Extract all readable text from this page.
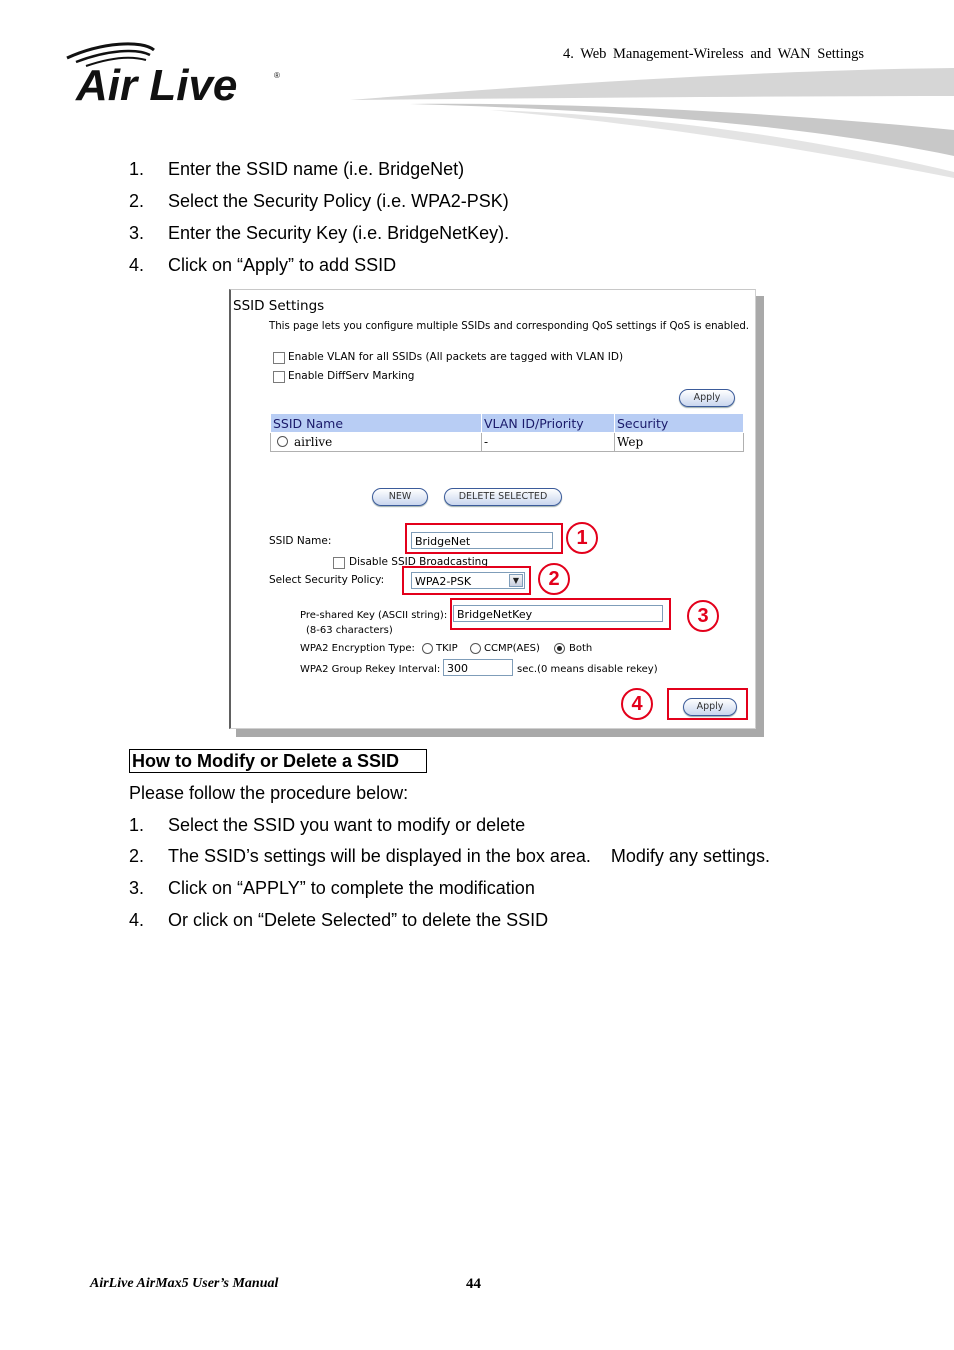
Air Live	®
4. Web Management-Wireless and WAN Settings
1. Enter the SSID name (i.e. BridgeNet)
2. Select the Security Policy (i.e. WPA2-PSK)
3. Enter the Security Key (i.e. BridgeNetKey).
4. Click on “Apply” to add SSID
SSID Settings
This page lets you configure multiple SSIDs and corresponding QoS settings if QoS is enabled.
Enable VLAN for all SSIDs (All packets are tagged with VLAN ID)
Enable DiffServ Marking
Apply
SSID Name	VLAN ID/Priority	Security
airlive	-	Wep
NEW	DELETE SELECTED
SSID Name:	BridgeNet
Disable SSID Broadcasting
Select Security Policy:	WPA2-PSK	▼
Pre-shared Key (ASCII string): BridgeNetKey
(8-63 characters)
WPA2 Encryption Type: TKIP	CCMP(AES)	Both
WPA2 Group Rekey Interval: 300	sec.(0 means disable rekey)
Apply
1
2
3
4
How to Modify or Delete a SSID
Please follow the procedure below:
1. Select the SSID you want to modify or delete
2. The SSID’s settings will be displayed in the box area.    Modify any settings.
3. Click on “APPLY” to complete the modification
4. Or click on “Delete Selected” to delete the SSID
AirLive AirMax5 User’s Manual	44
